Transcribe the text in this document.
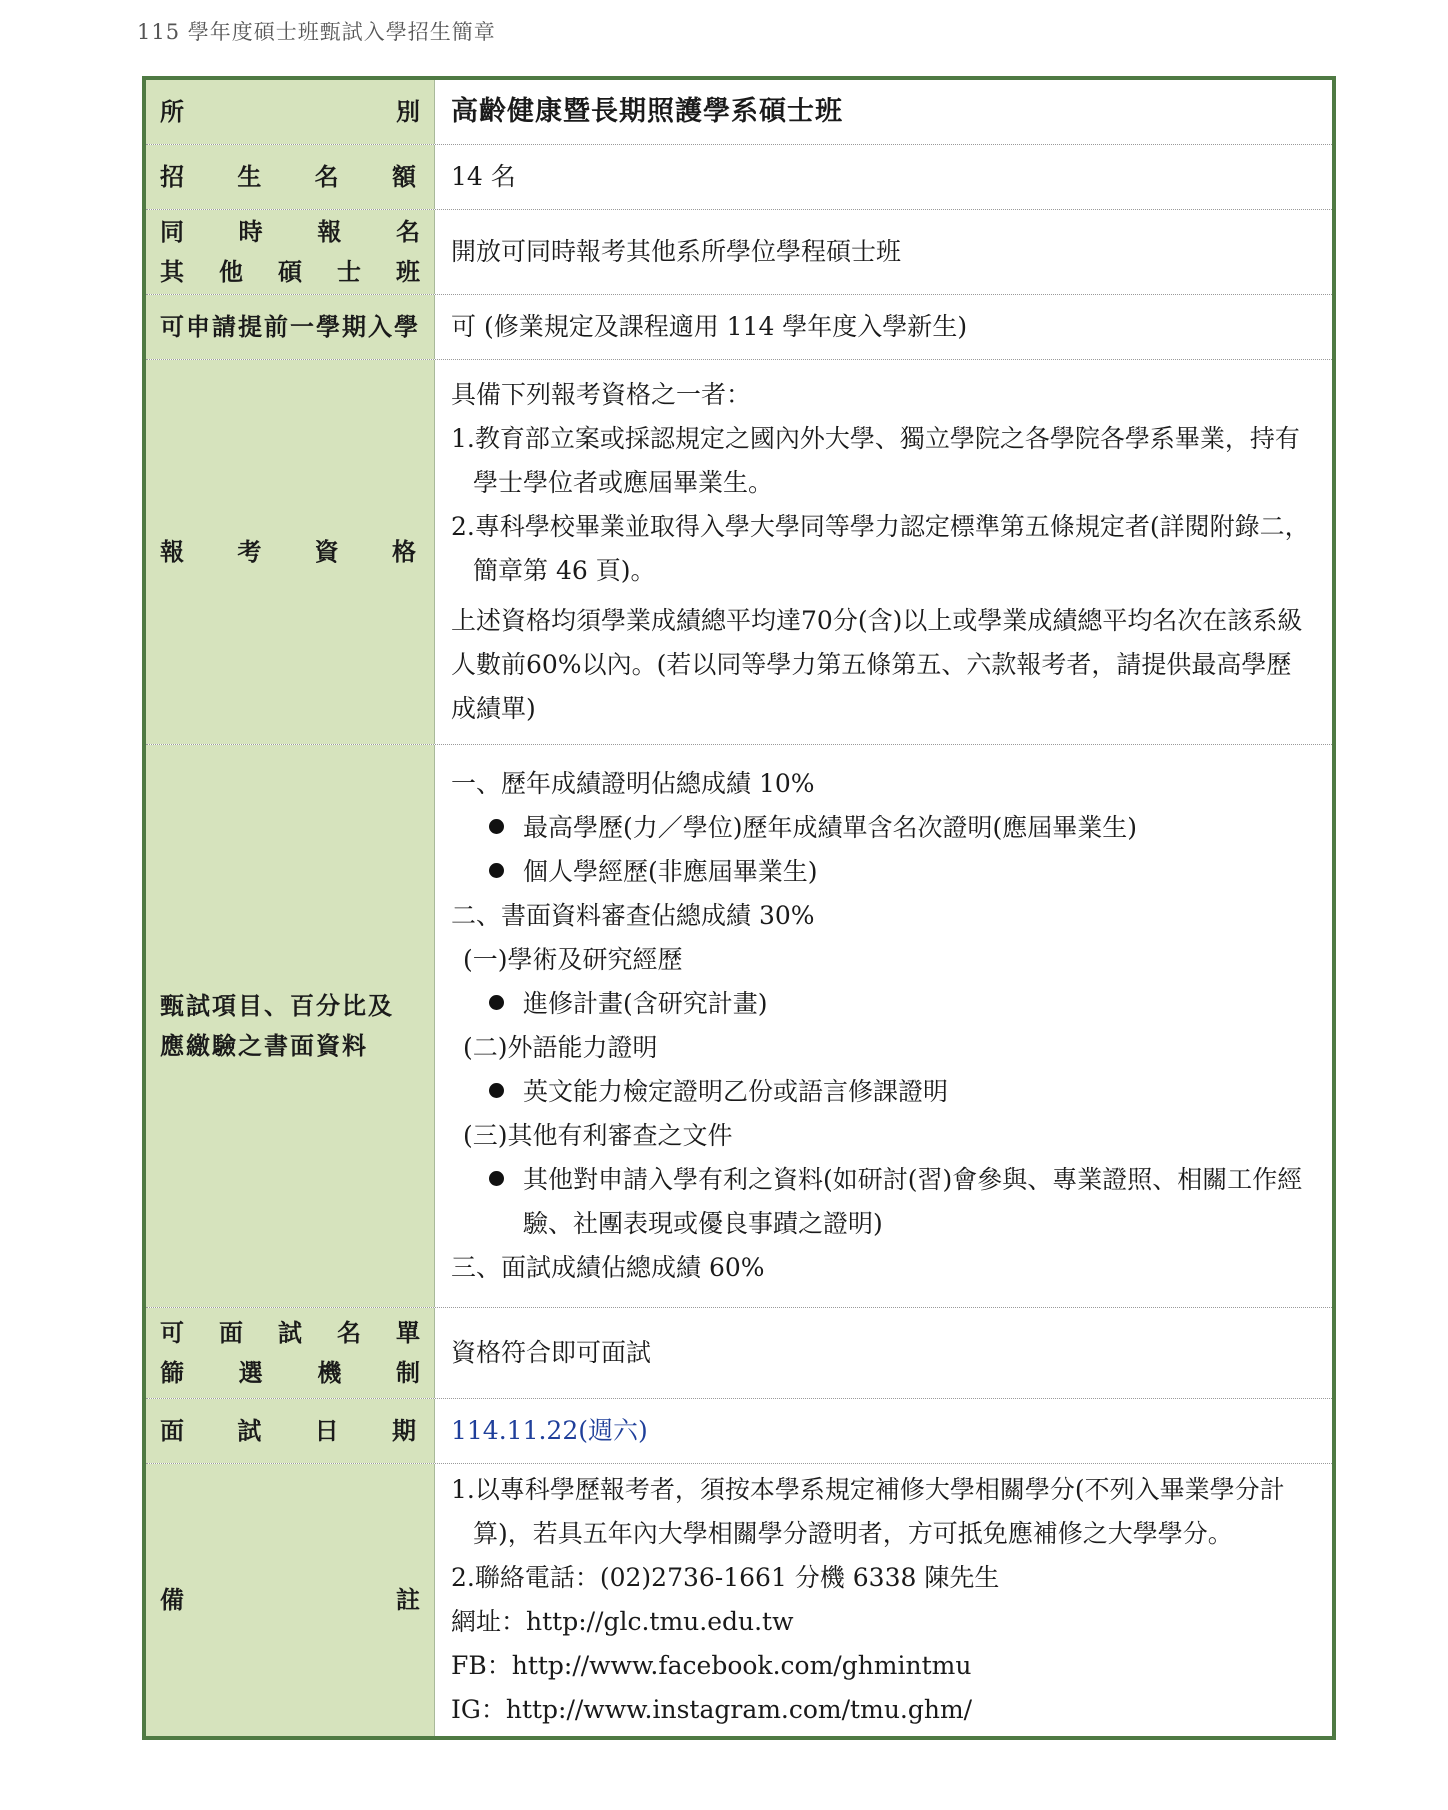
115 學年度碩士班甄試入學招生簡章
所 別 高齡健康暨長期照護學系碩士班

招 生 名 額 14 名

同 時 報 名
其 他 碩 士 班

開放可同時報考其他系所學位學程碩士班

可申請提前一學期入學 可 (修業規定及課程適用 114 學年度入學新生)

報 考 資 格

具備下列報考資格之一者：

1.教育部立案或採認規定之國內外大學、獨立學院之各學院各學系畢業，持有學士學位者或應屆畢業生。

2.專科學校畢業並取得入學大學同等學力認定標準第五條規定者(詳閱附錄二，簡章第 46 頁)。

上述資格均須學業成績總平均達70分(含)以上或學業成績總平均名次在該系級人數前60%以內。(若以同等學力第五條第五、六款報考者，請提供最高學歷成績單)

甄試項目、百分比及
應繳驗之書面資料

一、歷年成績證明佔總成績 10%

最高學歷(力／學位)歷年成績單含名次證明(應屆畢業生)

個人學經歷(非應屆畢業生)

二、書面資料審查佔總成績 30%

(一)學術及研究經歷

進修計畫(含研究計畫)

(二)外語能力證明

英文能力檢定證明乙份或語言修課證明

(三)其他有利審查之文件

其他對申請入學有利之資料(如研討(習)會參與、專業證照、相關工作經驗、社團表現或優良事蹟之證明)

三、面試成績佔總成績 60%

可 面 試 名 單
篩 選 機 制

資格符合即可面試

面 試 日 期 114.11.22(週六)

備 註

1.以專科學歷報考者，須按本學系規定補修大學相關學分(不列入畢業學分計算)，若具五年內大學相關學分證明者，方可抵免應補修之大學學分。

2.聯絡電話：(02)2736-1661 分機 6338 陳先生

網址：http://glc.tmu.edu.tw

FB：http://www.facebook.com/ghmintmu

IG：http://www.instagram.com/tmu.ghm/
